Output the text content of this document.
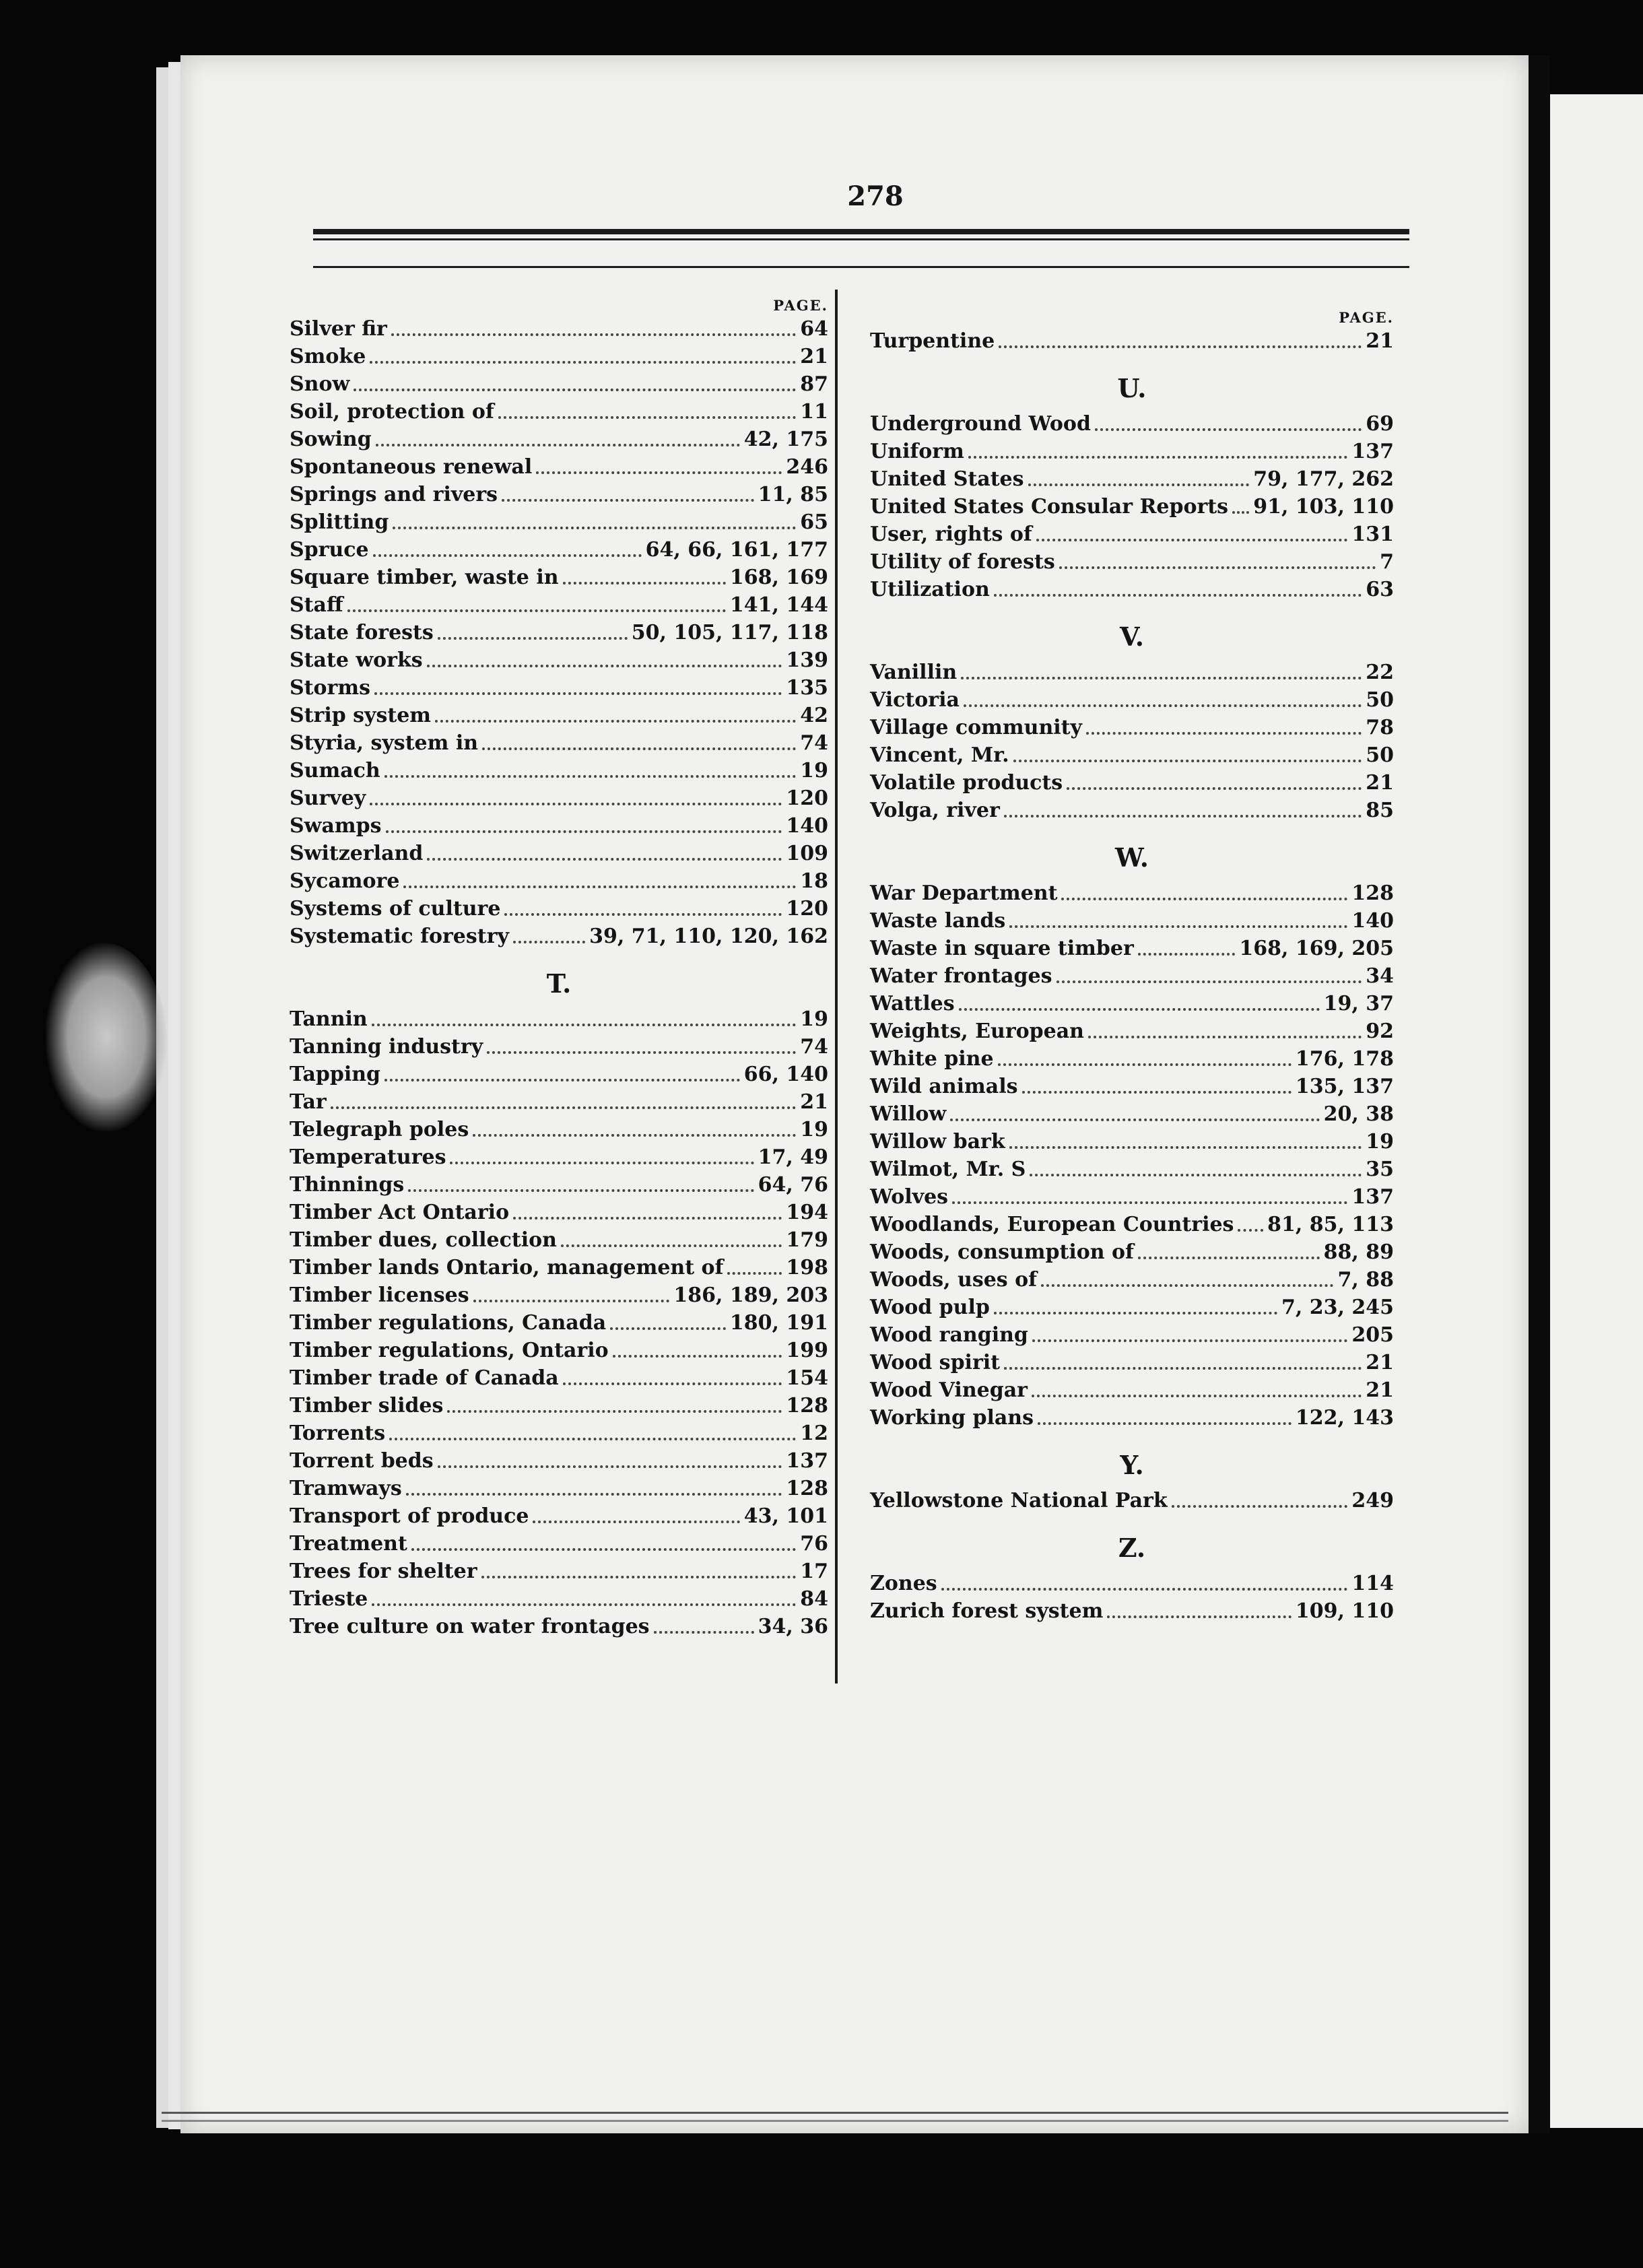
278
PAGE.
Silver fir	64
Smoke	21
Snow	87
Soil, protection of	11
Sowing	42, 175
Spontaneous renewal	246
Springs and rivers	11, 85
Splitting	65
Spruce	64, 66, 161, 177
Square timber, waste in	168, 169
Staff	141, 144
State forests	50, 105, 117, 118
State works	139
Storms	135
Strip system	42
Styria, system in	74
Sumach	19
Survey	120
Swamps	140
Switzerland	109
Sycamore	18
Systems of culture	120
Systematic forestry	39, 71, 110, 120, 162
T.
Tannin	19
Tanning industry	74
Tapping	66, 140
Tar	21
Telegraph poles	19
Temperatures	17, 49
Thinnings	64, 76
Timber Act Ontario	194
Timber dues, collection	179
Timber lands Ontario, management of	198
Timber licenses	186, 189, 203
Timber regulations, Canada	180, 191
Timber regulations, Ontario	199
Timber trade of Canada	154
Timber slides	128
Torrents	12
Torrent beds	137
Tramways	128
Transport of produce	43, 101
Treatment	76
Trees for shelter	17
Trieste	84
Tree culture on water frontages	34, 36
PAGE.
Turpentine	21
U.
Underground Wood	69
Uniform	137
United States	79, 177, 262
United States Consular Reports 91, 103, 110
User, rights of	131
Utility of forests	7
Utilization	63
V.
Vanillin	22
Victoria	50
Village community	78
Vincent, Mr.	50
Volatile products	21
Volga, river	85
W.
War Department	128
Waste lands	140
Waste in square timber	168, 169, 205
Water frontages	34
Wattles	19, 37
Weights, European	92
White pine	176, 178
Wild animals	135, 137
Willow	20, 38
Willow bark	19
Wilmot, Mr. S	35
Wolves	137
Woodlands, European Countries 81, 85, 113
Woods, consumption of	88, 89
Woods, uses of	7, 88
Wood pulp	7, 23, 245
Wood ranging	205
Wood spirit	21
Wood Vinegar	21
Working plans	122, 143
Y.
Yellowstone National Park	249
Z.
Zones	114
Zurich forest system	109, 110
